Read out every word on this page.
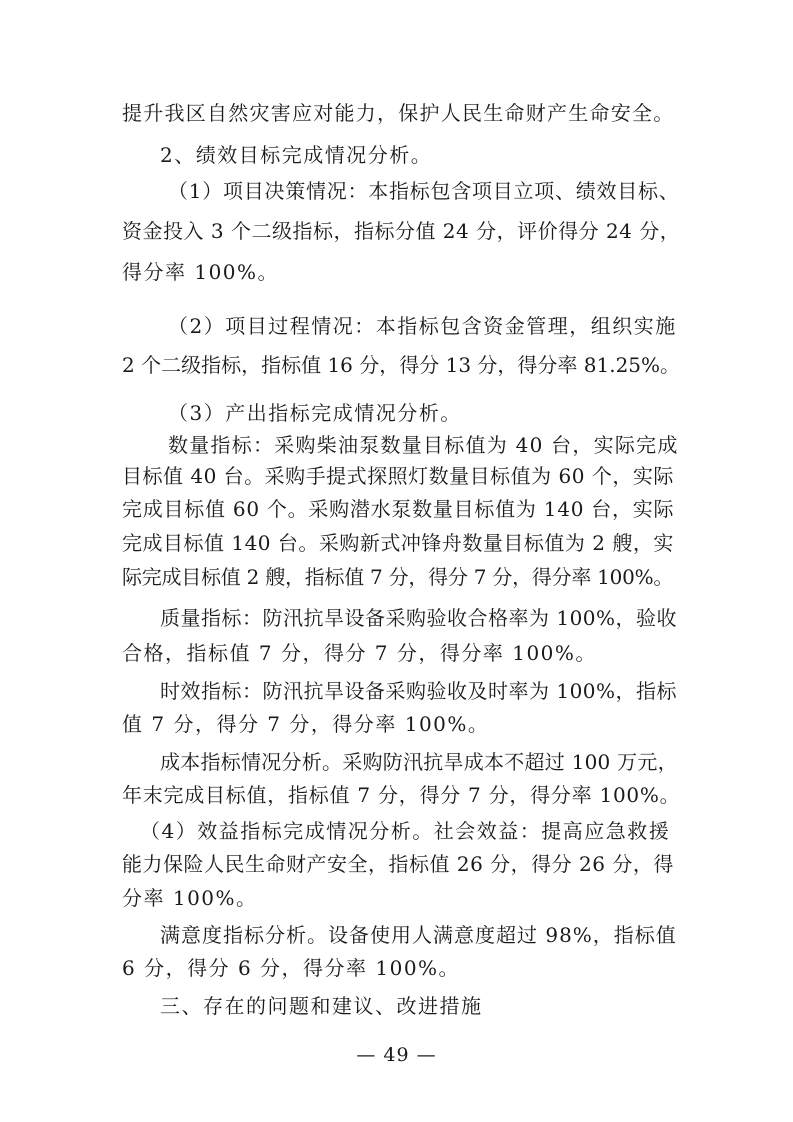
提升我区自然灾害应对能力，保护人民生命财产生命安全。
2、绩效目标完成情况分析。
（1）项目决策情况：本指标包含项目立项、绩效目标、
资金投入 3 个二级指标，指标分值 24 分，评价得分 24 分，
得分率 100%。
（2）项目过程情况：本指标包含资金管理，组织实施
2 个二级指标，指标值 16 分，得分 13 分，得分率 81.25%。
（3）产出指标完成情况分析。
数量指标：采购柴油泵数量目标值为 40 台，实际完成
目标值 40 台。采购手提式探照灯数量目标值为 60 个，实际
完成目标值 60 个。采购潜水泵数量目标值为 140 台，实际
完成目标值 140 台。采购新式冲锋舟数量目标值为 2 艘，实
际完成目标值 2 艘，指标值 7 分，得分 7 分，得分率 100%。
质量指标：防汛抗旱设备采购验收合格率为 100%，验收
合格，指标值 7 分，得分 7 分，得分率 100%。
时效指标：防汛抗旱设备采购验收及时率为 100%，指标
值 7 分，得分 7 分，得分率 100%。
成本指标情况分析。采购防汛抗旱成本不超过 100 万元，
年末完成目标值，指标值 7 分，得分 7 分，得分率 100%。
（4）效益指标完成情况分析。社会效益：提高应急救援
能力保险人民生命财产安全，指标值 26 分，得分 26 分，得
分率 100%。
满意度指标分析。设备使用人满意度超过 98%，指标值
6 分，得分 6 分，得分率 100%。
三、存在的问题和建议、改进措施
— 49 —
